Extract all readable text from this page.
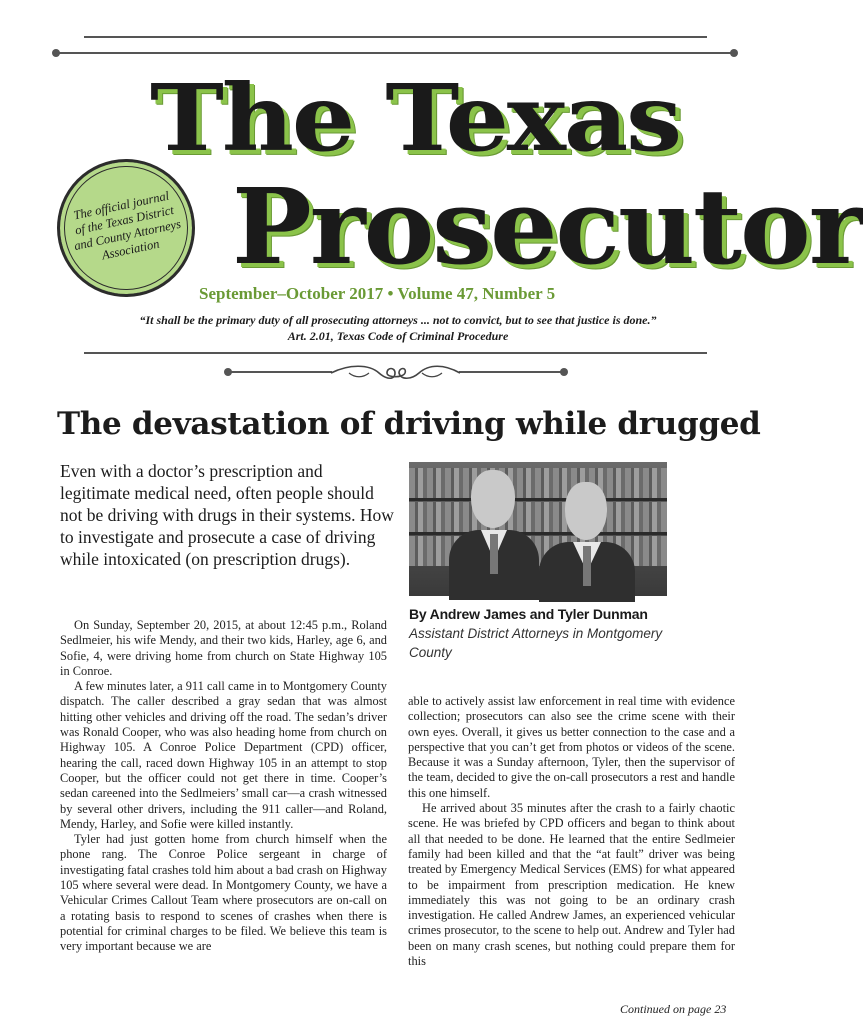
The Texas
Prosecutor
The official journal of the Texas District and County Attorneys Association
September–October 2017 • Volume 47, Number 5
“It shall be the primary duty of all prosecuting attorneys ... not to convict, but to see that justice is done.”
Art. 2.01, Texas Code of Criminal Procedure
The devastation of driving while drugged
Even with a doctor’s prescription and legitimate medical need, often people should not be driving with drugs in their systems. How to investigate and prosecute a case of driving while intoxicated (on prescription drugs).
By Andrew James and Tyler Dunman
Assistant District Attorneys in Montgomery County

On Sunday, September 20, 2015, at about 12:45 p.m., Roland Sedlmeier, his wife Mendy, and their two kids, Harley, age 6, and Sofie, 4, were driving home from church on State Highway 105 in Conroe.

A few minutes later, a 911 call came in to Montgomery County dispatch. The caller described a gray sedan that was almost hitting other vehicles and driving off the road. The sedan’s driver was Ronald Cooper, who was also heading home from church on Highway 105. A Conroe Police Department (CPD) officer, hearing the call, raced down Highway 105 in an attempt to stop Cooper, but the officer could not get there in time. Cooper’s sedan careened into the Sedlmeiers’ small car—a crash witnessed by several other drivers, including the 911 caller—and Roland, Mendy, Harley, and Sofie were killed instantly.

Tyler had just gotten home from church himself when the phone rang. The Conroe Police sergeant in charge of investigating fatal crashes told him about a bad crash on Highway 105 where several were dead. In Montgomery County, we have a Vehicular Crimes Callout Team where prosecutors are on-call on a rotating basis to respond to scenes of crashes when there is potential for criminal charges to be filed. We believe this team is very important because we are

able to actively assist law enforcement in real time with evidence collection; prosecutors can also see the crime scene with their own eyes. Overall, it gives us better connection to the case and a perspective that you can’t get from photos or videos of the scene. Because it was a Sunday afternoon, Tyler, then the supervisor of the team, decided to give the on-call prosecutors a rest and handle this one himself.

He arrived about 35 minutes after the crash to a fairly chaotic scene. He was briefed by CPD officers and began to think about all that needed to be done. He learned that the entire Sedlmeier family had been killed and that the “at fault” driver was being treated by Emergency Medical Services (EMS) for what appeared to be impairment from prescription medication. He knew immediately this was not going to be an ordinary crash investigation. He called Andrew James, an experienced vehicular crimes prosecutor, to the scene to help out. Andrew and Tyler had been on many crash scenes, but nothing could prepare them for this

Continued on page 23
